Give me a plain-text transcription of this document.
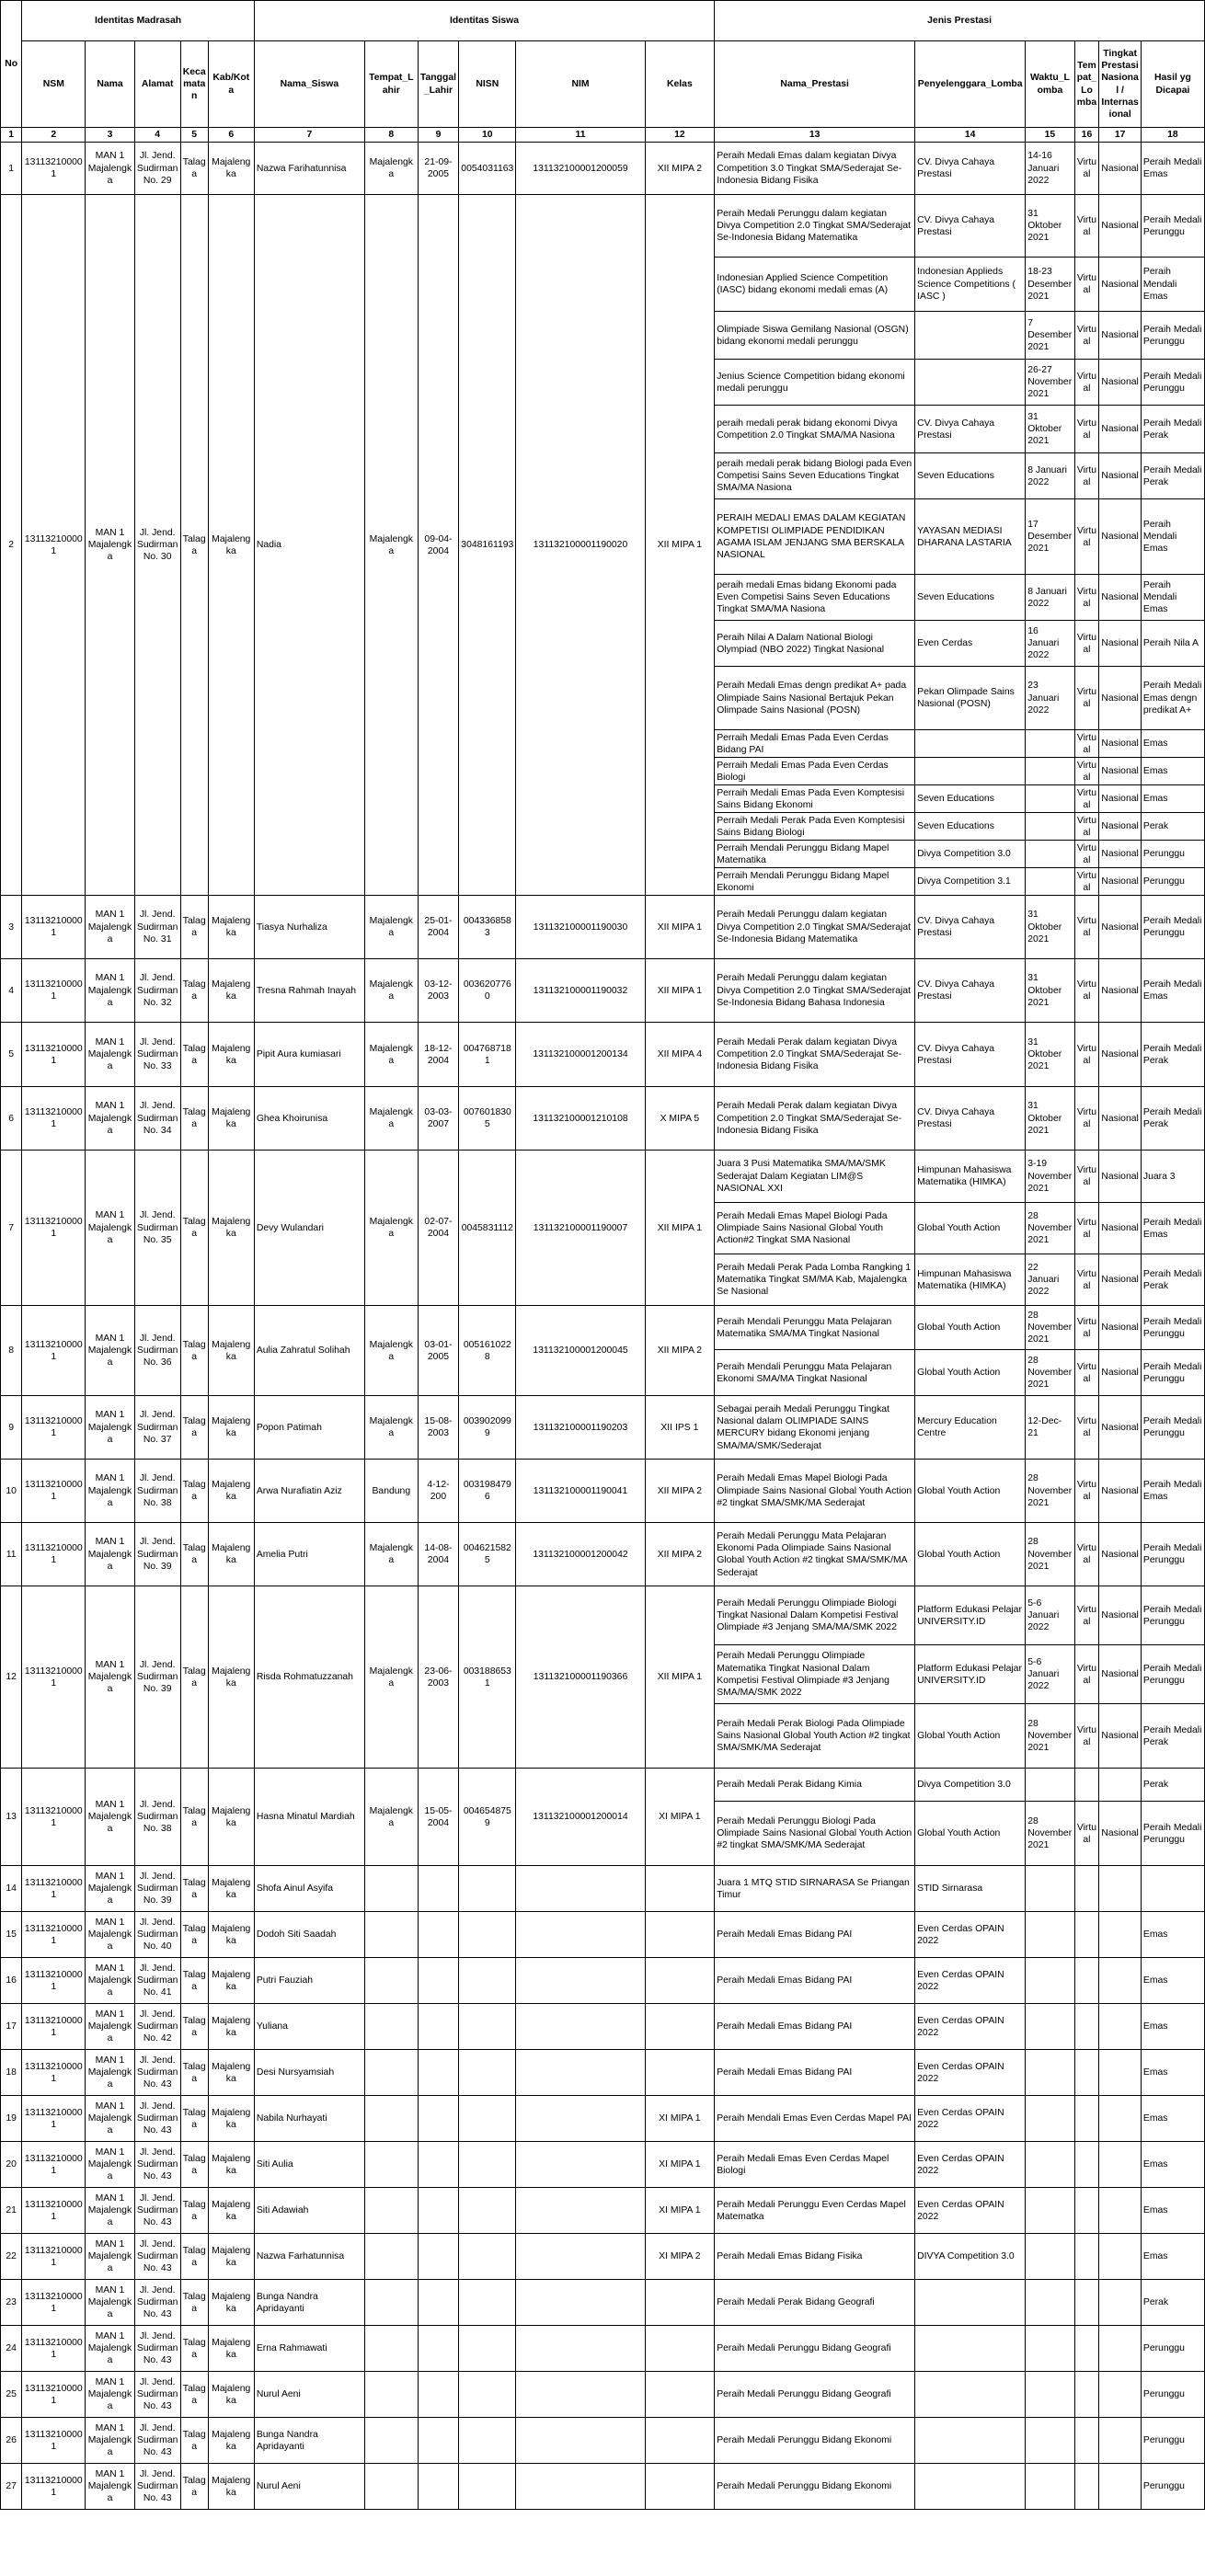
No	Identitas Madrasah					Identitas Siswa						Jenis Prestasi					
	NSM	Nama	Alamat	Kecamatan	Kab/Kota	Nama_Siswa	Tempat_Lahir	Tanggal_Lahir	NISN	NIM	Kelas	Nama_Prestasi	Penyelenggara_Lomba	Waktu_Lomba	Tempat_Lomba	Tingkat Prestasi Nasional / Internasional	Hasil yg Dicapai
1	2	3	4	5	6	7	8	9	10	11	12	13	14	15	16	17	18
1	131132100001	MAN 1 Majalengka	Jl. Jend. Sudirman No. 29	Talaga	Majalengka	Nazwa Farihatunnisa	Majalengka	21-09-2005	0054031163	131132100001200059	XII MIPA 2	Peraih Medali Emas dalam kegiatan Divya Competition 3.0 Tingkat SMA/Sederajat Se-Indonesia Bidang Fisika	CV. Divya Cahaya Prestasi	14-16 Januari 2022	Virtual	Nasional	Peraih Medali Emas
2	131132100001	MAN 1 Majalengka	Jl. Jend. Sudirman No. 30	Talaga	Majalengka	Nadia	Majalengka	09-04-2004	3048161193	131132100001190020	XII MIPA 1	Peraih Medali Perunggu dalam kegiatan Divya Competition 2.0 Tingkat SMA/Sederajat Se-Indonesia Bidang Matematika	CV. Divya Cahaya Prestasi	31 Oktober 2021	Virtual	Nasional	Peraih Medali Perunggu
												Indonesian Applied Science Competition (IASC) bidang ekonomi medali emas (A)	Indonesian Applieds Science Competitions ( IASC )	18-23 Desember 2021	Virtual	Nasional	Peraih Mendali Emas
												Olimpiade Siswa Gemilang Nasional (OSGN) bidang ekonomi medali perunggu		7 Desember 2021	Virtual	Nasional	Peraih Medali Perunggu
												Jenius Science Competition bidang ekonomi medali perunggu		26-27 November 2021	Virtual	Nasional	Peraih Medali Perunggu
												peraih medali perak bidang ekonomi Divya Competition 2.0 Tingkat SMA/MA Nasiona	CV. Divya Cahaya Prestasi	31 Oktober 2021	Virtual	Nasional	Peraih Medali Perak
												peraih medali perak bidang Biologi pada Even Competisi Sains Seven Educations Tingkat SMA/MA Nasiona	Seven Educations	8 Januari 2022	Virtual	Nasional	Peraih Medali Perak
												PERAIH MEDALI EMAS DALAM KEGIATAN KOMPETISI OLIMPIADE PENDIDIKAN AGAMA ISLAM JENJANG SMA BERSKALA NASIONAL	YAYASAN MEDIASI DHARANA LASTARIA	17 Desember 2021	Virtual	Nasional	Peraih Mendali Emas
												peraih medali Emas bidang Ekonomi pada Even Competisi Sains Seven Educations Tingkat SMA/MA Nasiona	Seven Educations	8 Januari 2022	Virtual	Nasional	Peraih Mendali Emas
												Peraih Nilai A Dalam National Biologi Olympiad (NBO 2022) Tingkat Nasional	Even Cerdas	16 Januari 2022	Virtual	Nasional	Peraih Nila A
												Peraih Medali Emas dengn predikat A+ pada Olimpiade Sains Nasional Bertajuk Pekan Olimpade Sains Nasional (POSN)	Pekan Olimpade Sains Nasional (POSN)	23 Januari 2022	Virtual	Nasional	Peraih Medali Emas dengn predikat A+
												Perraih Medali Emas Pada Even Cerdas Bidang PAI			Virtual	Nasional	Emas
												Perraih Medali Emas Pada Even Cerdas Biologi			Virtual	Nasional	Emas
												Perraih Medali Emas Pada Even Komptesisi Sains Bidang Ekonomi	Seven Educations		Virtual	Nasional	Emas
												Perraih Medali Perak Pada Even Komptesisi Sains Bidang Biologi	Seven Educations		Virtual	Nasional	Perak
												Perraih Mendali Perunggu Bidang Mapel Matematika	Divya Competition 3.0		Virtual	Nasional	Perunggu
												Perraih Mendali Perunggu Bidang Mapel Ekonomi	Divya Competition 3.1		Virtual	Nasional	Perunggu
3	131132100001	MAN 1 Majalengka	Jl. Jend. Sudirman No. 31	Talaga	Majalengka	Tiasya Nurhaliza	Majalengka	25-01-2004	0043368583	131132100001190030	XII MIPA 1	Peraih Medali Perunggu dalam kegiatan Divya Competition 2.0 Tingkat SMA/Sederajat Se-Indonesia Bidang Matematika	CV. Divya Cahaya Prestasi	31 Oktober 2021	Virtual	Nasional	Peraih Medali Perunggu
4	131132100001	MAN 1 Majalengka	Jl. Jend. Sudirman No. 32	Talaga	Majalengka	Tresna Rahmah Inayah	Majalengka	03-12-2003	0036207760	131132100001190032	XII MIPA 1	Peraih Medali Perunggu dalam kegiatan Divya Competition 2.0 Tingkat SMA/Sederajat Se-Indonesia Bidang Bahasa Indonesia	CV. Divya Cahaya Prestasi	31 Oktober 2021	Virtual	Nasional	Peraih Medali Emas
5	131132100001	MAN 1 Majalengka	Jl. Jend. Sudirman No. 33	Talaga	Majalengka	Pipit Aura kumiasari	Majalengka	18-12-2004	0047687181	131132100001200134	XII MIPA 4	Peraih Medali Perak dalam kegiatan Divya Competition 2.0 Tingkat SMA/Sederajat Se-Indonesia Bidang Fisika	CV. Divya Cahaya Prestasi	31 Oktober 2021	Virtual	Nasional	Peraih Medali Perak
6	131132100001	MAN 1 Majalengka	Jl. Jend. Sudirman No. 34	Talaga	Majalengka	Ghea Khoirunisa	Majalengka	03-03-2007	0076018305	131132100001210108	X MIPA 5	Peraih Medali Perak dalam kegiatan Divya Competition 2.0 Tingkat SMA/Sederajat Se-Indonesia Bidang Fisika	CV. Divya Cahaya Prestasi	31 Oktober 2021	Virtual	Nasional	Peraih Medali Perak
7	131132100001	MAN 1 Majalengka	Jl. Jend. Sudirman No. 35	Talaga	Majalengka	Devy Wulandari	Majalengka	02-07-2004	0045831112	131132100001190007	XII MIPA 1	Juara 3 Pusi Matematika SMA/MA/SMK Sederajat Dalam Kegiatan LIM@S NASIONAL XXI	Himpunan Mahasiswa Matematika (HIMKA)	3-19 November 2021	Virtual	Nasional	Juara 3
												Peraih Medali Emas Mapel Biologi Pada Olimpiade Sains Nasional Global Youth Action#2 Tingkat SMA Nasional	Global Youth Action	28 November 2021	Virtual	Nasional	Peraih Medali Emas
												Peraih Medali Perak Pada Lomba Rangking 1 Matematika Tingkat SM/MA Kab, Majalengka Se Nasional	Himpunan Mahasiswa Matematika (HIMKA)	22 Januari 2022	Virtual	Nasional	Peraih Medali Perak
8	131132100001	MAN 1 Majalengka	Jl. Jend. Sudirman No. 36	Talaga	Majalengka	Aulia Zahratul Solihah	Majalengka	03-01-2005	0051610228	131132100001200045	XII MIPA 2	Peraih Mendali Perunggu Mata Pelajaran Matematika SMA/MA Tingkat Nasional	Global Youth Action	28 November 2021	Virtual	Nasional	Peraih Medali Perunggu
												Peraih Mendali Perunggu Mata Pelajaran Ekonomi SMA/MA Tingkat Nasional	Global Youth Action	28 November 2021	Virtual	Nasional	Peraih Medali Perunggu
9	131132100001	MAN 1 Majalengka	Jl. Jend. Sudirman No. 37	Talaga	Majalengka	Popon Patimah	Majalengka	15-08-2003	0039020999	131132100001190203	XII IPS 1	Sebagai peraih Medali Perunggu Tingkat Nasional dalam OLIMPIADE SAINS MERCURY bidang Ekonomi jenjang SMA/MA/SMK/Sederajat	Mercury Education Centre	12-Dec-21	Virtual	Nasional	Peraih Medali Perunggu
10	131132100001	MAN 1 Majalengka	Jl. Jend. Sudirman No. 38	Talaga	Majalengka	Arwa Nurafiatin Aziz	Bandung	4-12-200	0031984796	131132100001190041	XII MIPA 2	Peraih Medali Emas Mapel Biologi Pada Olimpiade Sains Nasional Global Youth Action #2 tingkat SMA/SMK/MA Sederajat	Global Youth Action	28 November 2021	Virtual	Nasional	Peraih Medali Emas
11	131132100001	MAN 1 Majalengka	Jl. Jend. Sudirman No. 39	Talaga	Majalengka	Amelia Putri	Majalengka	14-08-2004	0046215825	131132100001200042	XII MIPA 2	Peraih Medali Perunggu Mata Pelajaran Ekonomi Pada Olimpiade Sains Nasional Global Youth Action #2 tingkat SMA/SMK/MA Sederajat	Global Youth Action	28 November 2021	Virtual	Nasional	Peraih Medali Perunggu
12	131132100001	MAN 1 Majalengka	Jl. Jend. Sudirman No. 39	Talaga	Majalengka	Risda Rohmatuzzanah	Majalengka	23-06-2003	0031886531	131132100001190366	XII MIPA 1	Peraih Medali Perunggu Olimpiade Biologi Tingkat Nasional Dalam Kompetisi Festival Olimpiade #3 Jenjang SMA/MA/SMK 2022	Platform Edukasi Pelajar UNIVERSITY.ID	5-6 Januari 2022	Virtual	Nasional	Peraih Medali Perunggu
												Peraih Medali Perunggu Olimpiade Matematika Tingkat Nasional Dalam Kompetisi Festival Olimpiade #3 Jenjang SMA/MA/SMK 2022	Platform Edukasi Pelajar UNIVERSITY.ID	5-6 Januari 2022	Virtual	Nasional	Peraih Medali Perunggu
												Peraih Medali Perak Biologi Pada Olimpiade Sains Nasional Global Youth Action #2 tingkat SMA/SMK/MA Sederajat	Global Youth Action	28 November 2021	Virtual	Nasional	Peraih Medali Perak
13	131132100001	MAN 1 Majalengka	Jl. Jend. Sudirman No. 38	Talaga	Majalengka	Hasna Minatul Mardiah	Majalengka	15-05-2004	0046548759	131132100001200014	XI MIPA 1	Peraih Medali Perak Bidang Kimia	Divya Competition 3.0				Perak
												Peraih Medali Perunggu Biologi Pada Olimpiade Sains Nasional Global Youth Action #2 tingkat SMA/SMK/MA Sederajat	Global Youth Action	28 November 2021	Virtual	Nasional	Peraih Medali Perunggu
14	131132100001	MAN 1 Majalengka	Jl. Jend. Sudirman No. 39	Talaga	Majalengka	Shofa Ainul Asyifa						Juara 1 MTQ STID SIRNARASA Se Priangan Timur	STID Sirnarasa				
15	131132100001	MAN 1 Majalengka	Jl. Jend. Sudirman No. 40	Talaga	Majalengka	Dodoh Siti Saadah						Peraih Medali Emas Bidang PAI	Even Cerdas OPAIN 2022				Emas
16	131132100001	MAN 1 Majalengka	Jl. Jend. Sudirman No. 41	Talaga	Majalengka	Putri Fauziah						Peraih Medali Emas Bidang PAI	Even Cerdas OPAIN 2022				Emas
17	131132100001	MAN 1 Majalengka	Jl. Jend. Sudirman No. 42	Talaga	Majalengka	Yuliana						Peraih Medali Emas Bidang PAI	Even Cerdas OPAIN 2022				Emas
18	131132100001	MAN 1 Majalengka	Jl. Jend. Sudirman No. 43	Talaga	Majalengka	Desi Nursyamsiah						Peraih Medali Emas Bidang PAI	Even Cerdas OPAIN 2022				Emas
19	131132100001	MAN 1 Majalengka	Jl. Jend. Sudirman No. 43	Talaga	Majalengka	Nabila Nurhayati					XI MIPA 1	Peraih Mendali Emas Even Cerdas Mapel PAI	Even Cerdas OPAIN 2022				Emas
20	131132100001	MAN 1 Majalengka	Jl. Jend. Sudirman No. 43	Talaga	Majalengka	Siti Aulia					XI MIPA 1	Peraih Medali Emas Even Cerdas Mapel Biologi	Even Cerdas OPAIN 2022				Emas
21	131132100001	MAN 1 Majalengka	Jl. Jend. Sudirman No. 43	Talaga	Majalengka	Siti Adawiah					XI MIPA 1	Peraih Medali Perunggu Even Cerdas Mapel Matematka	Even Cerdas OPAIN 2022				Emas
22	131132100001	MAN 1 Majalengka	Jl. Jend. Sudirman No. 43	Talaga	Majalengka	Nazwa Farhatunnisa					XI MIPA 2	Peraih Medali Emas Bidang Fisika	DIVYA Competition 3.0				Emas
23	131132100001	MAN 1 Majalengka	Jl. Jend. Sudirman No. 43	Talaga	Majalengka	Bunga Nandra Apridayanti						Peraih Medali Perak Bidang Geografi					Perak
24	131132100001	MAN 1 Majalengka	Jl. Jend. Sudirman No. 43	Talaga	Majalengka	Erna Rahmawati						Peraih Medali Perunggu Bidang Geografi					Perunggu
25	131132100001	MAN 1 Majalengka	Jl. Jend. Sudirman No. 43	Talaga	Majalengka	Nurul Aeni						Peraih Medali Perunggu Bidang Geografi					Perunggu
26	131132100001	MAN 1 Majalengka	Jl. Jend. Sudirman No. 43	Talaga	Majalengka	Bunga Nandra Apridayanti						Peraih Medali Perunggu Bidang Ekonomi					Perunggu
27	131132100001	MAN 1 Majalengka	Jl. Jend. Sudirman No. 43	Talaga	Majalengka	Nurul Aeni						Peraih Medali Perunggu Bidang Ekonomi					Perunggu
